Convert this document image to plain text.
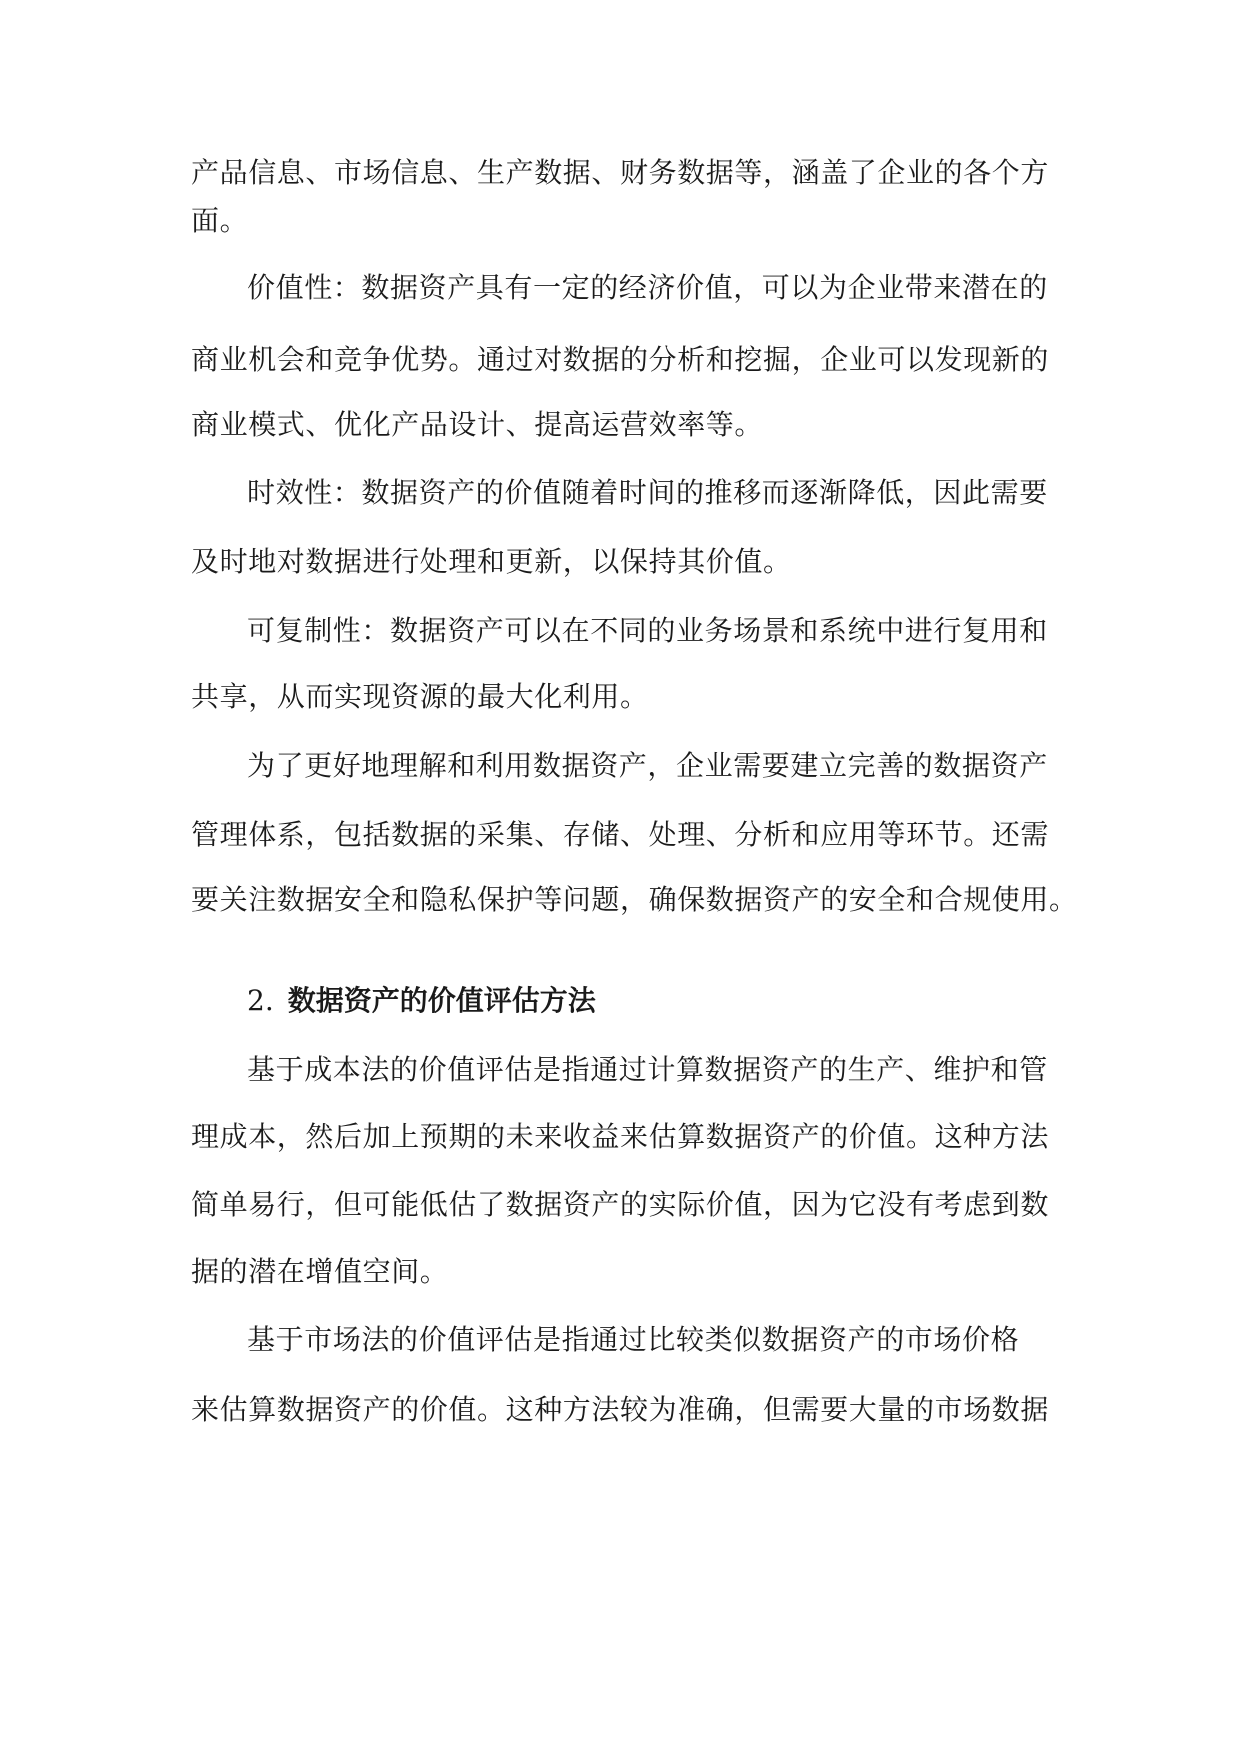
产品信息、市场信息、生产数据、财务数据等，涵盖了企业的各个方
面。
价值性：数据资产具有一定的经济价值，可以为企业带来潜在的
商业机会和竞争优势。通过对数据的分析和挖掘，企业可以发现新的
商业模式、优化产品设计、提高运营效率等。
时效性：数据资产的价值随着时间的推移而逐渐降低，因此需要
及时地对数据进行处理和更新，以保持其价值。
可复制性：数据资产可以在不同的业务场景和系统中进行复用和
共享，从而实现资源的最大化利用。
为了更好地理解和利用数据资产，企业需要建立完善的数据资产
管理体系，包括数据的采集、存储、处理、分析和应用等环节。还需
要关注数据安全和隐私保护等问题，确保数据资产的安全和合规使用。
2. 数据资产的价值评估方法
基于成本法的价值评估是指通过计算数据资产的生产、维护和管
理成本，然后加上预期的未来收益来估算数据资产的价值。这种方法
简单易行，但可能低估了数据资产的实际价值，因为它没有考虑到数
据的潜在增值空间。
基于市场法的价值评估是指通过比较类似数据资产的市场价格
来估算数据资产的价值。这种方法较为准确，但需要大量的市场数据
